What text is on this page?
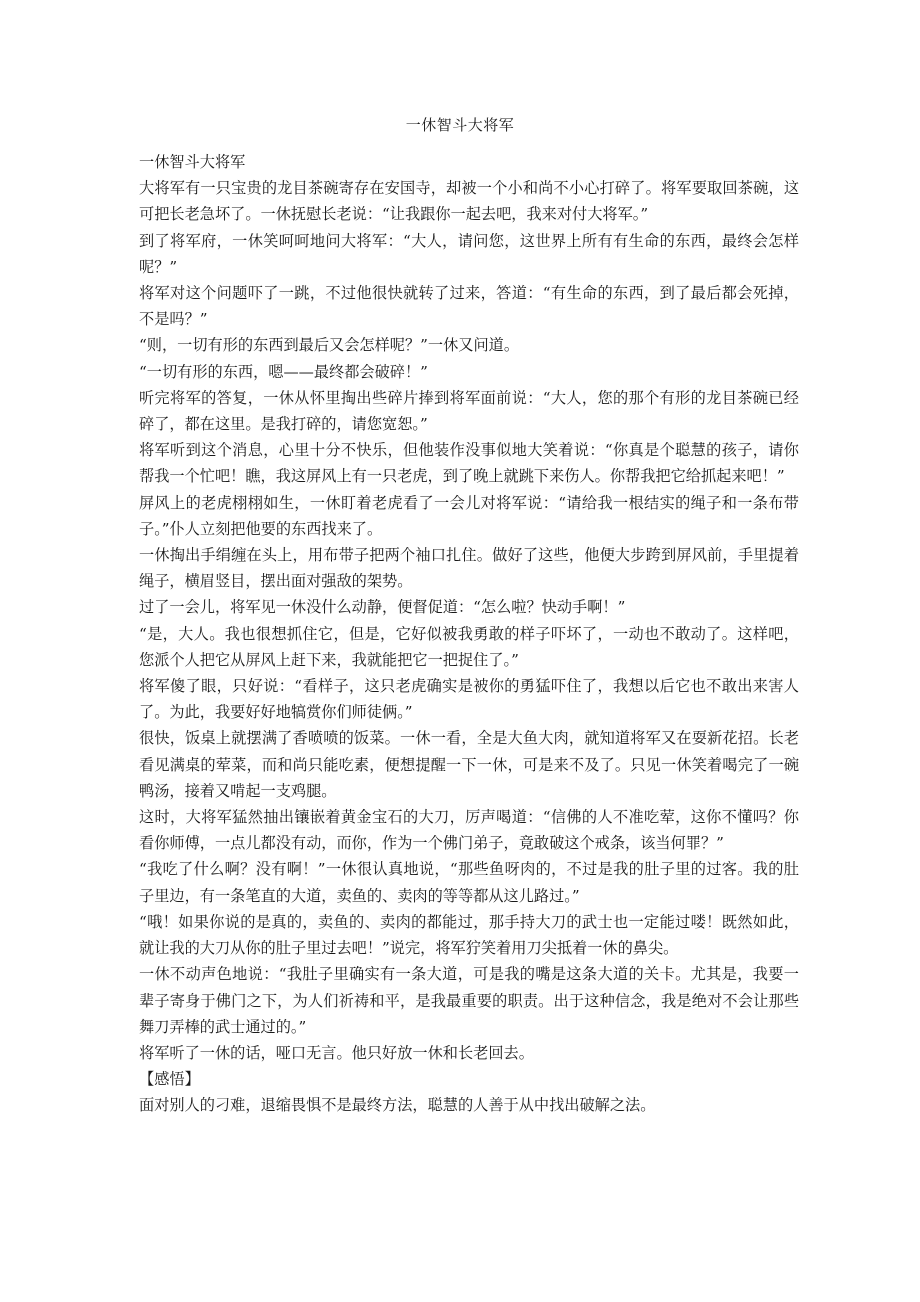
一休智斗大将军

一休智斗大将军

大将军有一只宝贵的龙目茶碗寄存在安国寺，却被一个小和尚不小心打碎了。将军要取回茶碗，这可把长老急坏了。一休抚慰长老说：“让我跟你一起去吧，我来对付大将军。”

到了将军府，一休笑呵呵地问大将军：“大人，请问您，这世界上所有有生命的东西，最终会怎样呢？”

将军对这个问题吓了一跳，不过他很快就转了过来，答道：“有生命的东西，到了最后都会死掉，不是吗？”

“则，一切有形的东西到最后又会怎样呢？”一休又问道。

“一切有形的东西，嗯——最终都会破碎！”

听完将军的答复，一休从怀里掏出些碎片捧到将军面前说：“大人，您的那个有形的龙目茶碗已经碎了，都在这里。是我打碎的，请您宽恕。”

将军听到这个消息，心里十分不快乐，但他装作没事似地大笑着说：“你真是个聪慧的孩子，请你帮我一个忙吧！瞧，我这屏风上有一只老虎，到了晚上就跳下来伤人。你帮我把它给抓起来吧！”

屏风上的老虎栩栩如生，一休盯着老虎看了一会儿对将军说：“请给我一根结实的绳子和一条布带子。”仆人立刻把他要的东西找来了。

一休掏出手绢缠在头上，用布带子把两个袖口扎住。做好了这些，他便大步跨到屏风前，手里提着绳子，横眉竖目，摆出面对强敌的架势。

过了一会儿，将军见一休没什么动静，便督促道：“怎么啦？快动手啊！”

“是，大人。我也很想抓住它，但是，它好似被我勇敢的样子吓坏了，一动也不敢动了。这样吧，您派个人把它从屏风上赶下来，我就能把它一把捉住了。”

将军傻了眼，只好说：“看样子，这只老虎确实是被你的勇猛吓住了，我想以后它也不敢出来害人了。为此，我要好好地犒赏你们师徒俩。”

很快，饭桌上就摆满了香喷喷的饭菜。一休一看，全是大鱼大肉，就知道将军又在耍新花招。长老看见满桌的荤菜，而和尚只能吃素，便想提醒一下一休，可是来不及了。只见一休笑着喝完了一碗鸭汤，接着又啃起一支鸡腿。

这时，大将军猛然抽出镶嵌着黄金宝石的大刀，厉声喝道：“信佛的人不准吃荤，这你不懂吗？你看你师傅，一点儿都没有动，而你，作为一个佛门弟子，竟敢破这个戒条，该当何罪？”

“我吃了什么啊？没有啊！”一休很认真地说，“那些鱼呀肉的，不过是我的肚子里的过客。我的肚子里边，有一条笔直的大道，卖鱼的、卖肉的等等都从这儿路过。”

“哦！如果你说的是真的，卖鱼的、卖肉的都能过，那手持大刀的武士也一定能过喽！既然如此，就让我的大刀从你的肚子里过去吧！”说完，将军狞笑着用刀尖抵着一休的鼻尖。

一休不动声色地说：“我肚子里确实有一条大道，可是我的嘴是这条大道的关卡。尤其是，我要一辈子寄身于佛门之下，为人们祈祷和平，是我最重要的职责。出于这种信念，我是绝对不会让那些舞刀弄棒的武士通过的。”

将军听了一休的话，哑口无言。他只好放一休和长老回去。

【感悟】

面对别人的刁难，退缩畏惧不是最终方法，聪慧的人善于从中找出破解之法。
